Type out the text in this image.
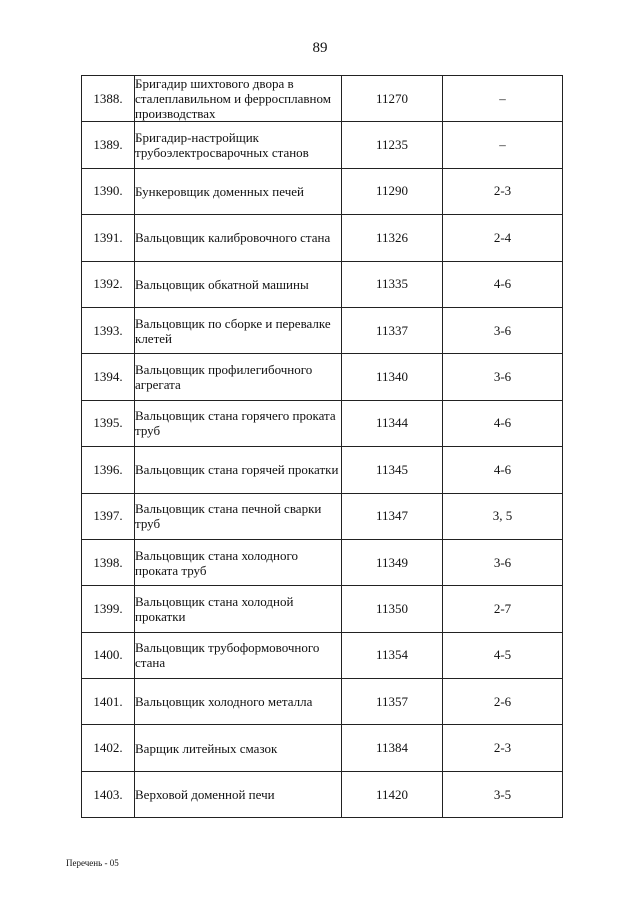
89
1388.	Бригадир шихтового двора в сталеплавильном и ферросплавном производствах	11270	–
1389.	Бригадир-настройщик трубоэлектросварочных станов	11235	–
1390.	Бункеровщик доменных печей	11290	2-3
1391.	Вальцовщик калибровочного стана	11326	2-4
1392.	Вальцовщик обкатной машины	11335	4-6
1393.	Вальцовщик по сборке и перевалке клетей	11337	3-6
1394.	Вальцовщик профилегибочного агрегата	11340	3-6
1395.	Вальцовщик стана горячего проката труб	11344	4-6
1396.	Вальцовщик стана горячей прокатки	11345	4-6
1397.	Вальцовщик стана печной сварки труб	11347	3, 5
1398.	Вальцовщик стана холодного проката труб	11349	3-6
1399.	Вальцовщик стана холодной прокатки	11350	2-7
1400.	Вальцовщик трубоформовочного стана	11354	4-5
1401.	Вальцовщик холодного металла	11357	2-6
1402.	Варщик литейных смазок	11384	2-3
1403.	Верховой доменной печи	11420	3-5
Перечень - 05
